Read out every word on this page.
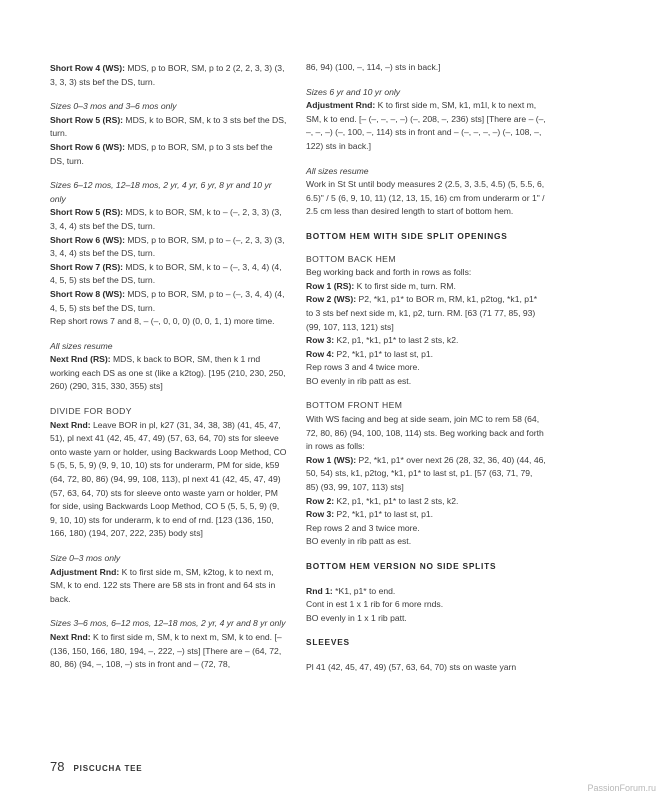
Short Row 4 (WS): MDS, p to BOR, SM, p to 2 (2, 2, 3, 3) (3, 3, 3, 3) sts bef the DS, turn.

Sizes 0–3 mos and 3–6 mos only

Short Row 5 (RS): MDS, k to BOR, SM, k to 3 sts bef the DS, turn.

Short Row 6 (WS): MDS, p to BOR, SM, p to 3 sts bef the DS, turn.

Sizes 6–12 mos, 12–18 mos, 2 yr, 4 yr, 6 yr, 8 yr and 10 yr only

Short Row 5 (RS): MDS, k to BOR, SM, k to – (–, 2, 3, 3) (3, 3, 4, 4) sts bef the DS, turn.

Short Row 6 (WS): MDS, p to BOR, SM, p to – (–, 2, 3, 3) (3, 3, 4, 4) sts bef the DS, turn.

Short Row 7 (RS): MDS, k to BOR, SM, k to – (–, 3, 4, 4) (4, 4, 5, 5) sts bef the DS, turn.

Short Row 8 (WS): MDS, p to BOR, SM, p to – (–, 3, 4, 4) (4, 4, 5, 5) sts bef the DS, turn.

Rep short rows 7 and 8, – (–, 0, 0, 0) (0, 0, 1, 1) more time.

All sizes resume

Next Rnd (RS): MDS, k back to BOR, SM, then k 1 rnd working each DS as one st (like a k2tog). [195 (210, 230, 250, 260) (290, 315, 330, 355) sts]

DIVIDE FOR BODY

Next Rnd: Leave BOR in pl, k27 (31, 34, 38, 38) (41, 45, 47, 51), pl next 41 (42, 45, 47, 49) (57, 63, 64, 70) sts for sleeve onto waste yarn or holder, using Backwards Loop Method, CO 5 (5, 5, 5, 9) (9, 9, 10, 10) sts for underarm, PM for side, k59 (64, 72, 80, 86) (94, 99, 108, 113), pl next 41 (42, 45, 47, 49) (57, 63, 64, 70) sts for sleeve onto waste yarn or holder, PM for side, using Backwards Loop Method, CO 5 (5, 5, 5, 9) (9, 9, 10, 10) sts for underarm, k to end of rnd. [123 (136, 150, 166, 180) (194, 207, 222, 235) body sts]

Size 0–3 mos only

Adjustment Rnd: K to first side m, SM, k2tog, k to next m, SM, k to end. 122 sts There are 58 sts in front and 64 sts in back.

Sizes 3–6 mos, 6–12 mos, 12–18 mos, 2 yr, 4 yr and 8 yr only

Next Rnd: K to first side m, SM, k to next m, SM, k to end. [– (136, 150, 166, 180, 194, –, 222, –) sts] [There are – (64, 72, 80, 86) (94, –, 108, –) sts in front and – (72, 78,

86, 94) (100, –, 114, –) sts in back.]

Sizes 6 yr and 10 yr only

Adjustment Rnd: K to first side m, SM, k1, m1l, k to next m, SM, k to end. [– (–, –, –, –) (–, 208, –, 236) sts] [There are – (–, –, –, –) (–, 100, –, 114) sts in front and – (–, –, –, –) (–, 108, –, 122) sts in back.]

All sizes resume

Work in St St until body measures 2 (2.5, 3, 3.5, 4.5) (5, 5.5, 6, 6.5)" / 5 (6, 9, 10, 11) (12, 13, 15, 16) cm from underarm or 1" / 2.5 cm less than desired length to start of bottom hem.

BOTTOM HEM WITH SIDE SPLIT OPENINGS

BOTTOM BACK HEM

Beg working back and forth in rows as folls:

Row 1 (RS): K to first side m, turn. RM.

Row 2 (WS): P2, *k1, p1* to BOR m, RM, k1, p2tog, *k1, p1* to 3 sts bef next side m, k1, p2, turn. RM. [63 (71 77, 85, 93) (99, 107, 113, 121) sts]

Row 3: K2, p1, *k1, p1* to last 2 sts, k2.

Row 4: P2, *k1, p1* to last st, p1.

Rep rows 3 and 4 twice more.

BO evenly in rib patt as est.

BOTTOM FRONT HEM

With WS facing and beg at side seam, join MC to rem 58 (64, 72, 80, 86) (94, 100, 108, 114) sts. Beg working back and forth in rows as folls:

Row 1 (WS): P2, *k1, p1* over next 26 (28, 32, 36, 40) (44, 46, 50, 54) sts, k1, p2tog, *k1, p1* to last st, p1. [57 (63, 71, 79, 85) (93, 99, 107, 113) sts]

Row 2: K2, p1, *k1, p1* to last 2 sts, k2.

Row 3: P2, *k1, p1* to last st, p1.

Rep rows 2 and 3 twice more.

BO evenly in rib patt as est.

BOTTOM HEM VERSION NO SIDE SPLITS

Rnd 1: *K1, p1* to end.

Cont in est 1 x 1 rib for 6 more rnds.

BO evenly in 1 x 1 rib patt.

SLEEVES

Pl 41 (42, 45, 47, 49) (57, 63, 64, 70) sts on waste yarn

78 PISCUCHA TEE
PassionForum.ru
